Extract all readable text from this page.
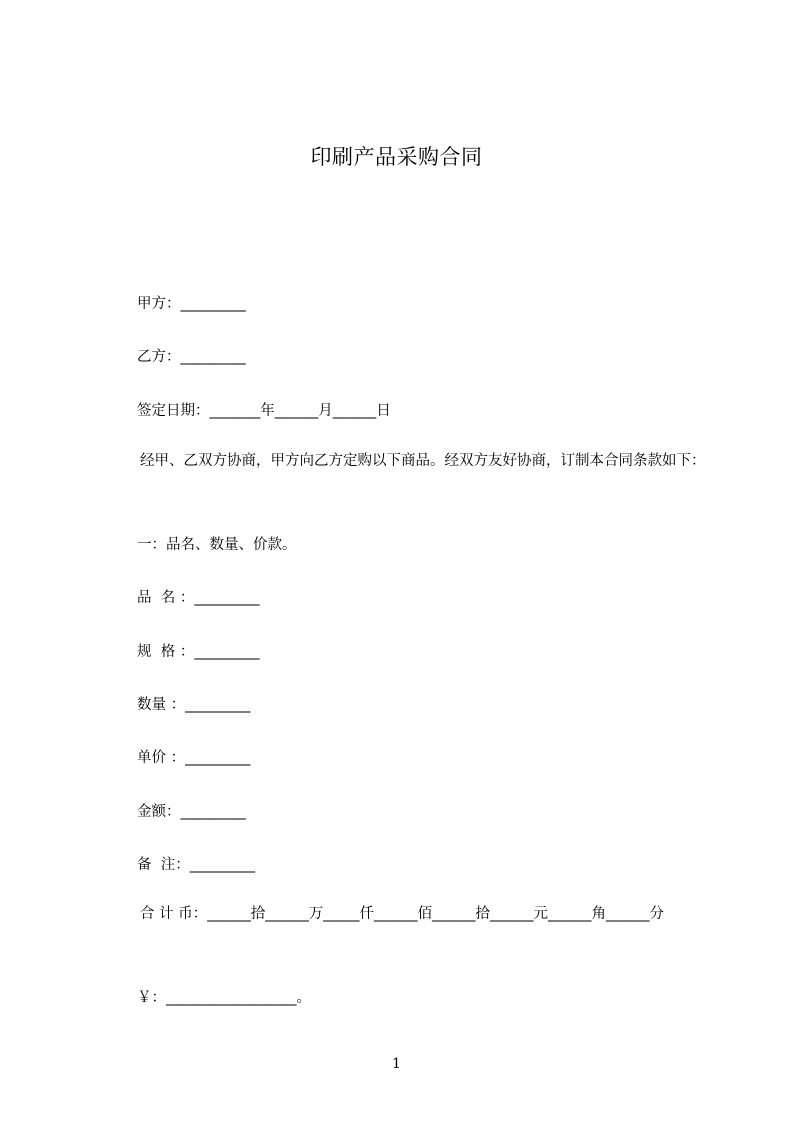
印刷产品采购合同
甲方：_________
乙方：_________
签定日期：_______年______月______日
经甲、乙双方协商，甲方向乙方定购以下商品。经双方友好协商，订制本合同条款如下：
一：品名、数量、价款。
品  名 ：_________
规  格 ：_________
数量 ：_________
单价 ：_________
金额：_________
备  注：_________
合 计 币：______拾______万_____仟______佰______拾______元______角______分
￥：__________________。
1
